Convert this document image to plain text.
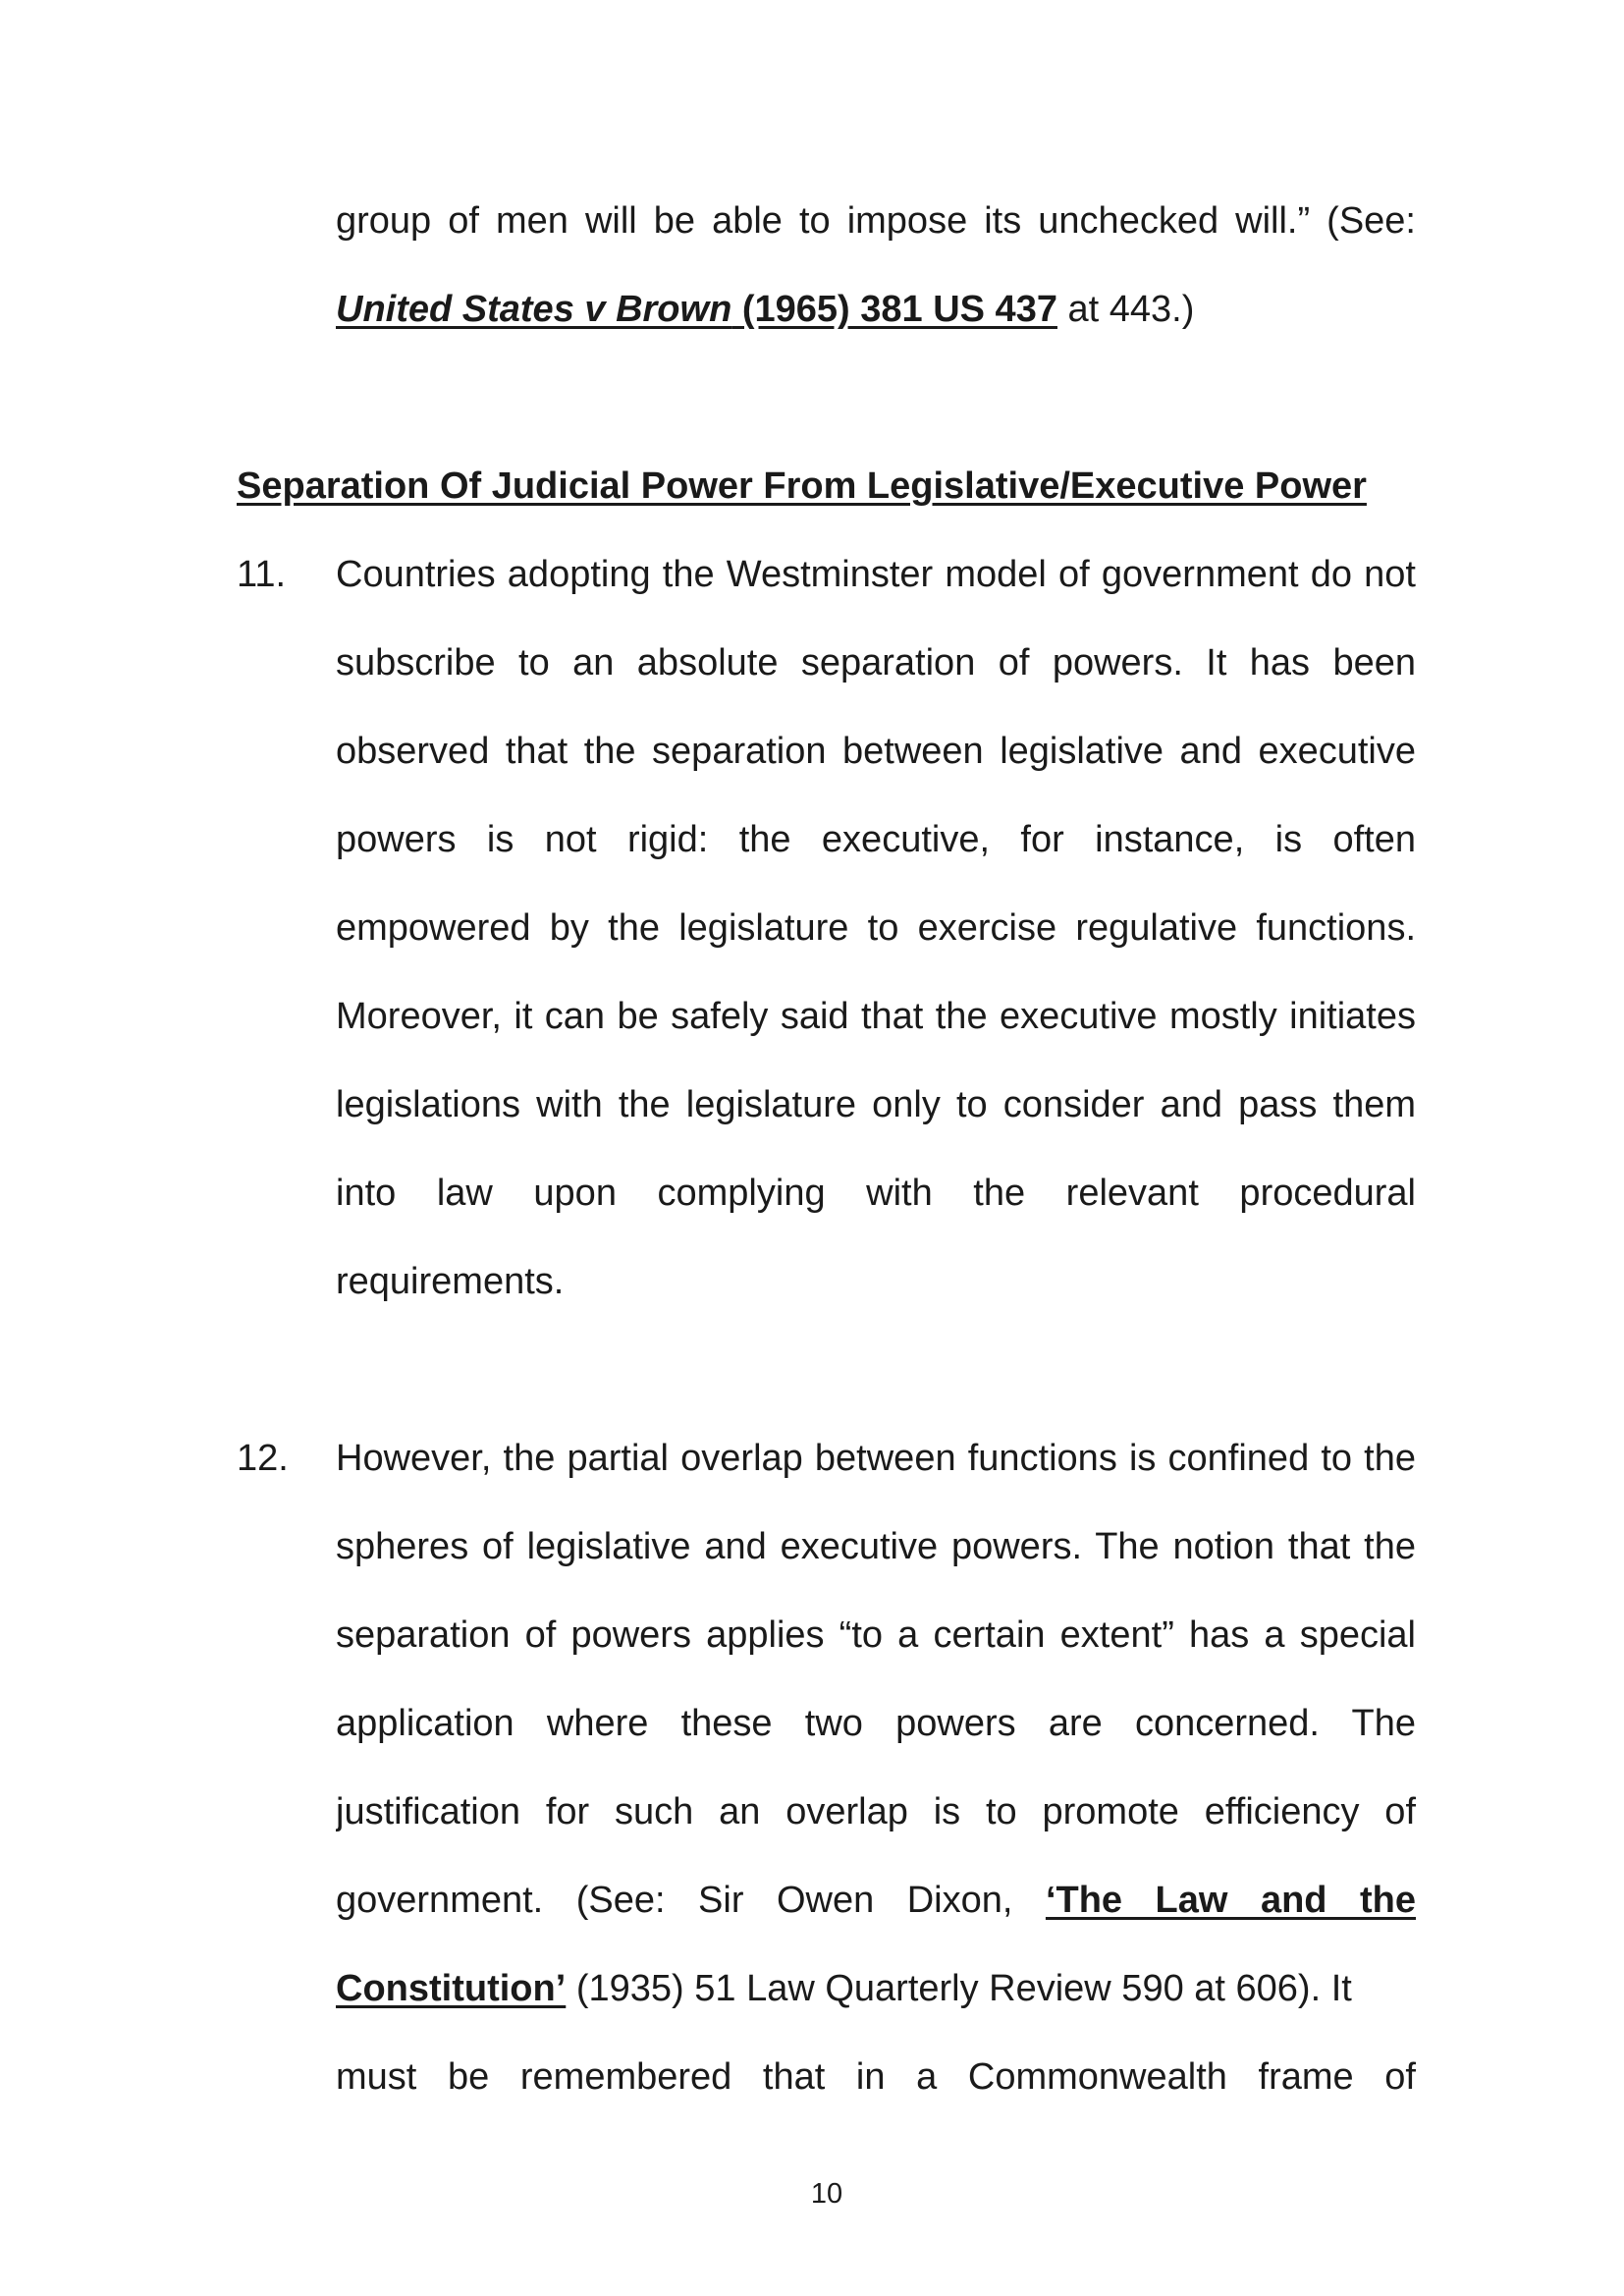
group of men will be able to impose its unchecked will.” (See:
United States v Brown (1965) 381 US 437 at 443.)
Separation Of Judicial Power From Legislative/Executive Power
11. Countries adopting the Westminster model of government do not
subscribe to an absolute separation of powers. It has been
observed that the separation between legislative and executive
powers is not rigid: the executive, for instance, is often
empowered by the legislature to exercise regulative functions.
Moreover, it can be safely said that the executive mostly initiates
legislations with the legislature only to consider and pass them
into law upon complying with the relevant procedural
requirements.
12. However, the partial overlap between functions is confined to the
spheres of legislative and executive powers. The notion that the
separation of powers applies “to a certain extent” has a special
application where these two powers are concerned. The
justification for such an overlap is to promote efficiency of
government. (See: Sir Owen Dixon, ‘The Law and the
Constitution’ (1935) 51 Law Quarterly Review 590 at 606). It
must be remembered that in a Commonwealth frame of
10
